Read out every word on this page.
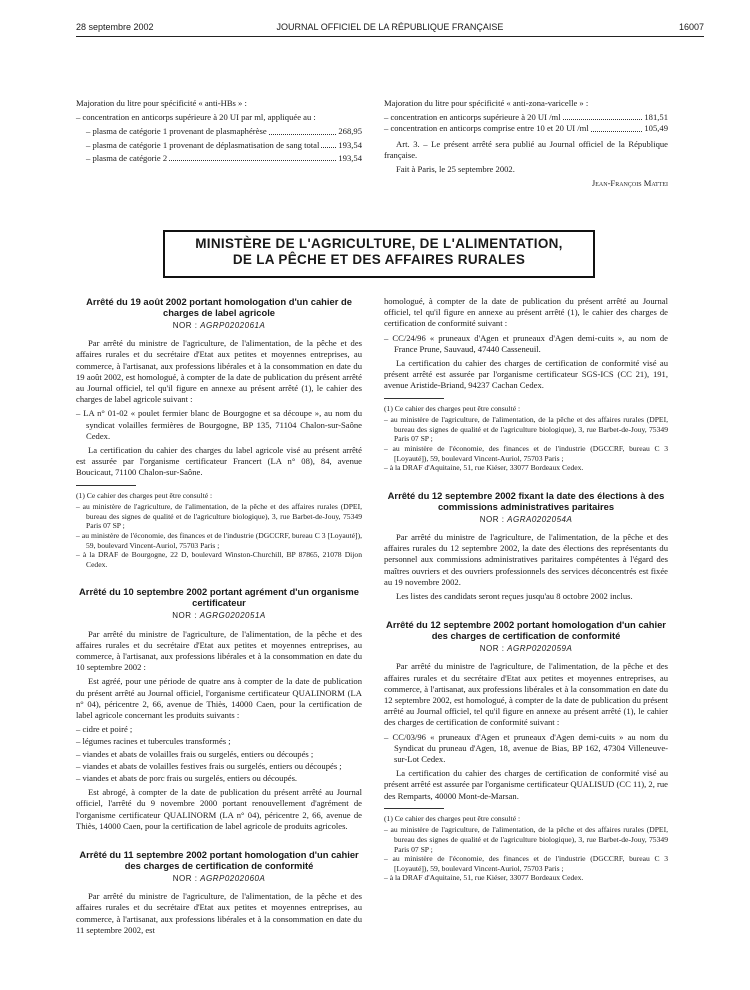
28 septembre 2002	JOURNAL OFFICIEL DE LA RÉPUBLIQUE FRANÇAISE	16007

Majoration du litre pour spécificité « anti-HBs » :

– concentration en anticorps supérieure à 20 UI par ml, appliquée au :

– plasma de catégorie 1 provenant de plasmaphérèse	268,95
– plasma de catégorie 1 provenant de déplasmatisation de sang total 193,54
– plasma de catégorie 2	193,54

Majoration du litre pour spécificité « anti-zona-varicelle » :

– concentration en anticorps supérieure à 20 UI /ml	181,51
– concentration en anticorps comprise entre 10 et 20 UI /ml	105,49

Art. 3. – Le présent arrêté sera publié au Journal officiel de la République française.

Fait à Paris, le 25 septembre 2002.

Jean-François Mattei
MINISTÈRE DE L'AGRICULTURE, DE L'ALIMENTATION,
DE LA PÊCHE ET DES AFFAIRES RURALES
Arrêté du 19 août 2002 portant homologation d'un cahier de charges de label agricole
NOR : AGRP0202061A

Par arrêté du ministre de l'agriculture, de l'alimentation, de la pêche et des affaires rurales et du secrétaire d'Etat aux petites et moyennes entreprises, au commerce, à l'artisanat, aux professions libérales et à la consommation en date du 19 août 2002, est homologué, à compter de la date de publication du présent arrêté au Journal officiel, tel qu'il figure en annexe au présent arrêté (1), le cahier des charges de label agricole suivant :

– LA n° 01-02 « poulet fermier blanc de Bourgogne et sa découpe », au nom du syndicat volailles fermières de Bourgogne, BP 135, 71104 Chalon-sur-Saône Cedex.

La certification du cahier des charges du label agricole visé au présent arrêté est assurée par l'organisme certificateur Francert (LA n° 08), 84, avenue Boucicaut, 71100 Chalon-sur-Saône.

(1) Ce cahier des charges peut être consulté :

– au ministère de l'agriculture, de l'alimentation, de la pêche et des affaires rurales (DPEI, bureau des signes de qualité et de l'agriculture biologique), 3, rue Barbet-de-Jouy, 75349 Paris 07 SP ;
– au ministère de l'économie, des finances et de l'industrie (DGCCRF, bureau C 3 [Loyauté]), 59, boulevard Vincent-Auriol, 75703 Paris ;
– à la DRAF de Bourgogne, 22 D, boulevard Winston-Churchill, BP 87865, 21078 Dijon Cedex.
Arrêté du 10 septembre 2002 portant agrément d'un organisme certificateur
NOR : AGRG0202051A

Par arrêté du ministre de l'agriculture, de l'alimentation, de la pêche et des affaires rurales et du secrétaire d'Etat aux petites et moyennes entreprises, au commerce, à l'artisanat, aux professions libérales et à la consommation en date du 10 septembre 2002 :

Est agréé, pour une période de quatre ans à compter de la date de publication du présent arrêté au Journal officiel, l'organisme certificateur QUALINORM (LA n° 04), péricentre 2, 66, avenue de Thiès, 14000 Caen, pour la certification de label agricole concernant les produits suivants :

– cidre et poiré ;
– légumes racines et tubercules transformés ;
– viandes et abats de volailles frais ou surgelés, entiers ou découpés ;
– viandes et abats de volailles festives frais ou surgelés, entiers ou découpés ;
– viandes et abats de porc frais ou surgelés, entiers ou découpés.

Est abrogé, à compter de la date de publication du présent arrêté au Journal officiel, l'arrêté du 9 novembre 2000 portant renouvellement d'agrément de l'organisme certificateur QUALINORM (LA n° 04), péricentre 2, 66, avenue de Thiès, 14000 Caen, pour la certification de label agricole de produits agricoles.

Arrêté du 11 septembre 2002 portant homologation d'un cahier des charges de certification de conformité
NOR : AGRP0202060A

Par arrêté du ministre de l'agriculture, de l'alimentation, de la pêche et des affaires rurales et du secrétaire d'Etat aux petites et moyennes entreprises, au commerce, à l'artisanat, aux professions libérales et à la consommation en date du 11 septembre 2002, est

homologué, à compter de la date de publication du présent arrêté au Journal officiel, tel qu'il figure en annexe au présent arrêté (1), le cahier des charges de certification de conformité suivant :

– CC/24/96 « pruneaux d'Agen et pruneaux d'Agen demi-cuits », au nom de France Prune, Sauvaud, 47440 Casseneuil.

La certification du cahier des charges de certification de conformité visé au présent arrêté est assurée par l'organisme certificateur SGS-ICS (CC 21), 191, avenue Aristide-Briand, 94237 Cachan Cedex.

(1) Ce cahier des charges peut être consulté :

– au ministère de l'agriculture, de l'alimentation, de la pêche et des affaires rurales (DPEI, bureau des signes de qualité et de l'agriculture biologique), 3, rue Barbet-de-Jouy, 75349 Paris 07 SP ;
– au ministère de l'économie, des finances et de l'industrie (DGCCRF, bureau C 3 [Loyauté]), 59, boulevard Vincent-Auriol, 75703 Paris ;
– à la DRAF d'Aquitaine, 51, rue Kiéser, 33077 Bordeaux Cedex.
Arrêté du 12 septembre 2002 fixant la date des élections à des commissions administratives paritaires
NOR : AGRA0202054A

Par arrêté du ministre de l'agriculture, de l'alimentation, de la pêche et des affaires rurales du 12 septembre 2002, la date des élections des représentants du personnel aux commissions administratives paritaires compétentes à l'égard des maîtres ouvriers et des ouvriers professionnels des services déconcentrés est fixée au 19 novembre 2002.

Les listes des candidats seront reçues jusqu'au 8 octobre 2002 inclus.

Arrêté du 12 septembre 2002 portant homologation d'un cahier des charges de certification de conformité
NOR : AGRP0202059A

Par arrêté du ministre de l'agriculture, de l'alimentation, de la pêche et des affaires rurales et du secrétaire d'Etat aux petites et moyennes entreprises, au commerce, à l'artisanat, aux professions libérales et à la consommation en date du 12 septembre 2002, est homologué, à compter de la date de publication du présent arrêté au Journal officiel, tel qu'il figure en annexe au présent arrêté (1), le cahier des charges de certification de conformité suivant :

– CC/03/96 « pruneaux d'Agen et pruneaux d'Agen demi-cuits » au nom du Syndicat du pruneau d'Agen, 18, avenue de Bias, BP 162, 47304 Villeneuve-sur-Lot Cedex.

La certification du cahier des charges de certification de conformité visé au présent arrêté est assurée par l'organisme certificateur QUALISUD (CC 11), 2, rue des Remparts, 40000 Mont-de-Marsan.

(1) Ce cahier des charges peut être consulté :

– au ministère de l'agriculture, de l'alimentation, de la pêche et des affaires rurales (DPEI, bureau des signes de qualité et de l'agriculture biologique), 3, rue Barbet-de-Jouy, 75349 Paris 07 SP ;
– au ministère de l'économie, des finances et de l'industrie (DGCCRF, bureau C 3 [Loyauté]), 59, boulevard Vincent-Auriol, 75703 Paris ;
– à la DRAF d'Aquitaine, 51, rue Kiéser, 33077 Bordeaux Cedex.
